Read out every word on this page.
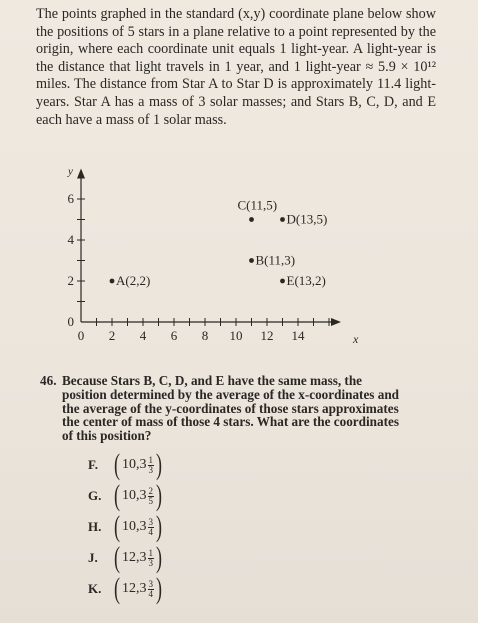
The points graphed in the standard (x,y) coordinate plane below show the positions of 5 stars in a plane relative to a point represented by the origin, where each coordinate unit equals 1 light-year. A light-year is the distance that light travels in 1 year, and 1 light-year ≈ 5.9 × 10¹² miles. The distance from Star A to Star D is approximately 11.4 light-years. Star A has a mass of 3 solar masses; and Stars B, C, D, and E each have a mass of 1 solar mass.

y
x
0 2 4 6 8 10 12 14
0
2
4
6
A(2,2)
B(11,3)
C(11,5)
D(13,5)
E(13,2)
46. Because Stars B, C, D, and E have the same mass, the position determined by the average of the x-coordinates and the average of the y-coordinates of those stars approximates the center of mass of those 4 stars. What are the coordinates of this position?
F. ( $10,3 \frac{1}{3}$ )
G. ( $10,3 \frac{2}{5}$ )
H. ( $10,3 \frac{3}{4}$ )
J. ( $12,3 \frac{1}{3}$ )
K. ( $12,3 \frac{3}{4}$ )
